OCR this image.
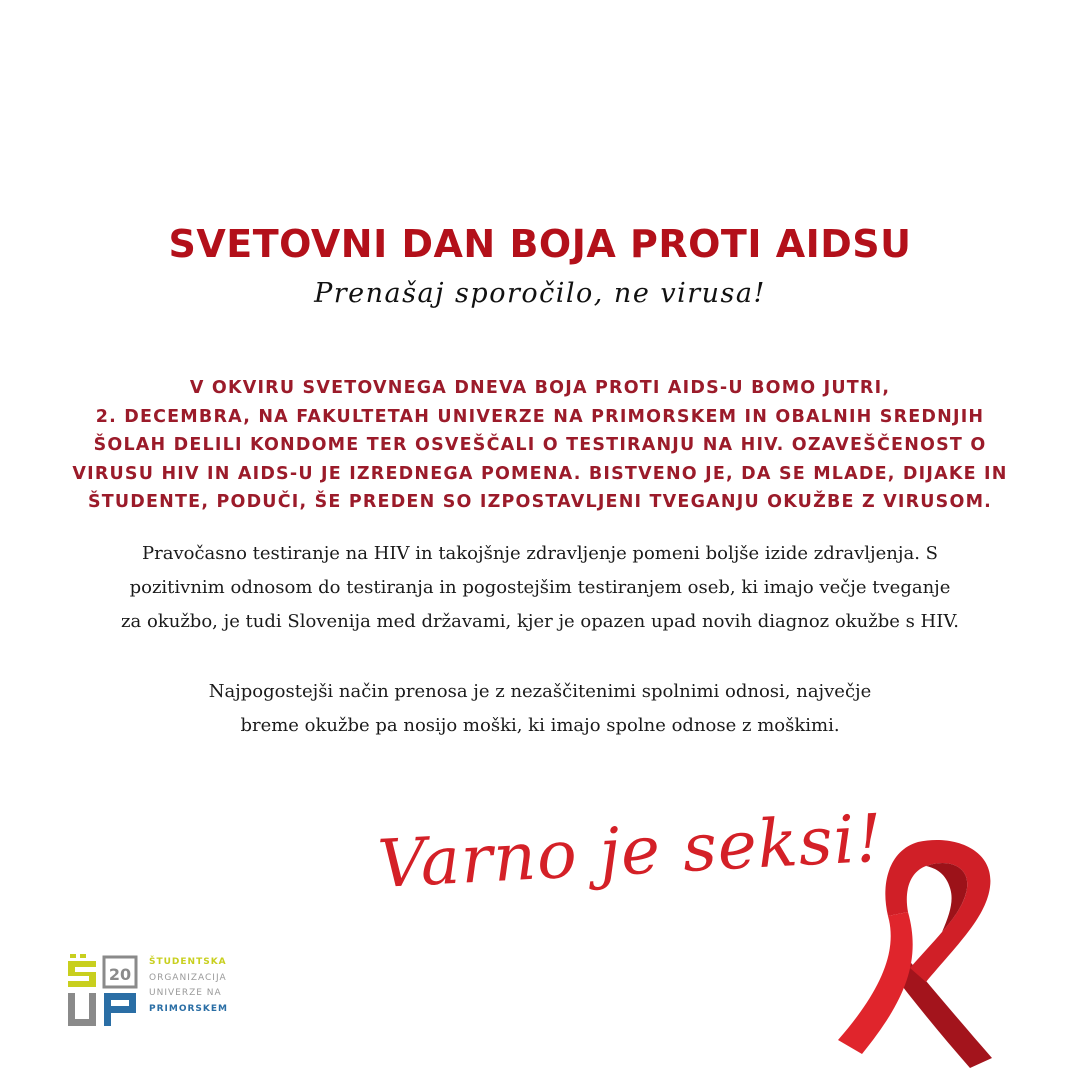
SVETOVNI DAN BOJA PROTI AIDSU
Prenašaj sporočilo, ne virusa!
V OKVIRU SVETOVNEGA DNEVA BOJA PROTI AIDS-U BOMO JUTRI,
2. DECEMBRA, NA FAKULTETAH UNIVERZE NA PRIMORSKEM IN OBALNIH SREDNJIH
ŠOLAH DELILI KONDOME TER OSVEŠČALI O TESTIRANJU NA HIV. OZAVEŠČENOST O
VIRUSU HIV IN AIDS-U JE IZREDNEGA POMENA. BISTVENO JE, DA SE MLADE, DIJAKE IN
ŠTUDENTE, PODUČI, ŠE PREDEN SO IZPOSTAVLJENI TVEGANJU OKUŽBE Z VIRUSOM.
Pravočasno testiranje na HIV in takojšnje zdravljenje pomeni boljše izide zdravljenja. S
pozitivnim odnosom do testiranja in pogostejšim testiranjem oseb, ki imajo večje tveganje
za okužbo, je tudi Slovenija med državami, kjer je opazen upad novih diagnoz okužbe s HIV.
Najpogostejši način prenosa je z nezaščitenimi spolnimi odnosi, največje
breme okužbe pa nosijo moški, ki imajo spolne odnose z moškimi.
Varno je seksi!
20
ŠTUDENTSKA
ORGANIZACIJA
UNIVERZE NA
PRIMORSKEM
